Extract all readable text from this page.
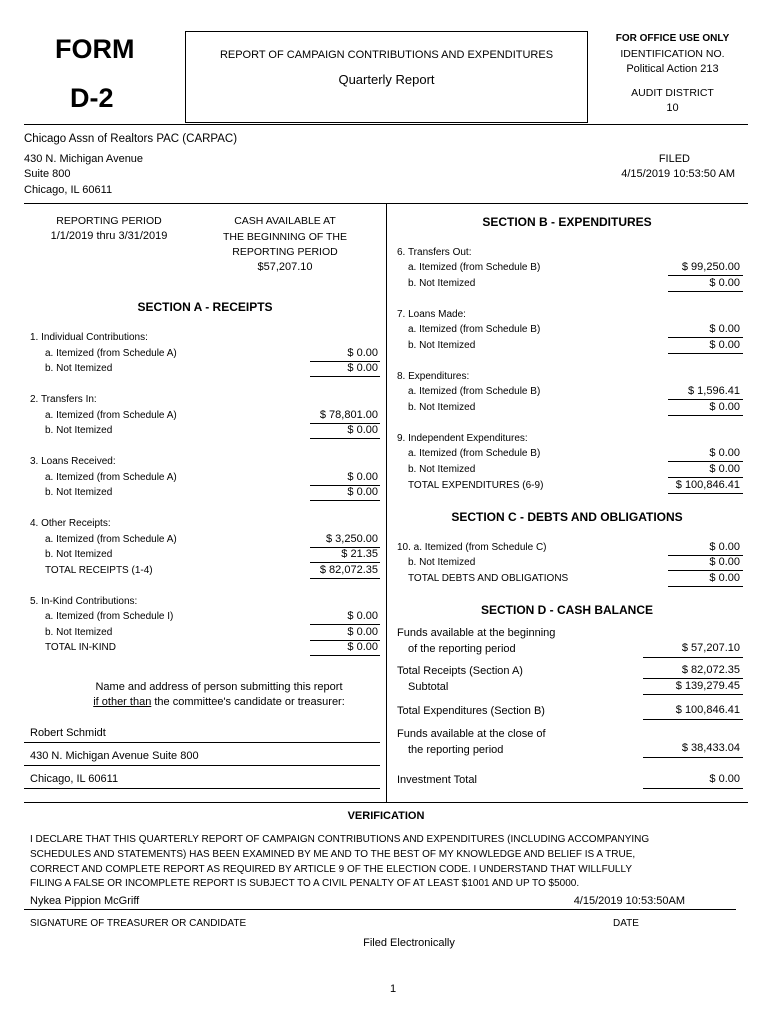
FORM
D-2
REPORT OF CAMPAIGN CONTRIBUTIONS AND EXPENDITURES
Quarterly Report
FOR OFFICE USE ONLY
IDENTIFICATION NO.
Political Action 213
AUDIT DISTRICT
10
Chicago Assn of Realtors PAC (CARPAC)
430 N. Michigan Avenue
Suite 800
Chicago, IL 60611
FILED
4/15/2019 10:53:50 AM
REPORTING PERIOD
1/1/2019 thru 3/31/2019
CASH AVAILABLE AT
THE BEGINNING OF THE
REPORTING PERIOD
$57,207.10
SECTION A - RECEIPTS
1. Individual Contributions:
a. Itemized (from Schedule A)	$ 0.00
b. Not Itemized	$ 0.00
2. Transfers In:
a. Itemized (from Schedule A)	$ 78,801.00
b. Not Itemized	$ 0.00
3. Loans Received:
a. Itemized (from Schedule A)	$ 0.00
b. Not Itemized	$ 0.00
4. Other Receipts:
a. Itemized (from Schedule A)	$ 3,250.00
b. Not Itemized	$ 21.35
TOTAL RECEIPTS (1-4)	$ 82,072.35
5. In-Kind Contributions:
a. Itemized (from Schedule I)	$ 0.00
b. Not Itemized	$ 0.00
TOTAL IN-KIND	$ 0.00
Name and address of person submitting this report
if other than the committee's candidate or treasurer:
Robert Schmidt
430 N. Michigan Avenue Suite 800
Chicago, IL 60611
SECTION B - EXPENDITURES
6. Transfers Out:
a. Itemized (from Schedule B)	$ 99,250.00
b. Not Itemized	$ 0.00
7. Loans Made:
a. Itemized (from Schedule B)	$ 0.00
b. Not Itemized	$ 0.00
8. Expenditures:
a. Itemized (from Schedule B)	$ 1,596.41
b. Not Itemized	$ 0.00
9. Independent Expenditures:
a. Itemized (from Schedule B)	$ 0.00
b. Not Itemized	$ 0.00
TOTAL EXPENDITURES (6-9)	$ 100,846.41
SECTION C - DEBTS AND OBLIGATIONS
10. a. Itemized (from Schedule C)	$ 0.00
b. Not Itemized	$ 0.00
TOTAL DEBTS AND OBLIGATIONS	$ 0.00
SECTION D - CASH BALANCE
Funds available at the beginning
of the reporting period	$ 57,207.10
Total Receipts (Section A)	$ 82,072.35
Subtotal	$ 139,279.45
Total Expenditures (Section B)	$ 100,846.41
Funds available at the close of
the reporting period	$ 38,433.04
Investment Total	$ 0.00
VERIFICATION
I DECLARE THAT THIS QUARTERLY REPORT OF CAMPAIGN CONTRIBUTIONS AND EXPENDITURES (INCLUDING ACCOMPANYING
SCHEDULES AND STATEMENTS) HAS BEEN EXAMINED BY ME AND TO THE BEST OF MY KNOWLEDGE AND BELIEF IS A TRUE,
CORRECT AND COMPLETE REPORT AS REQUIRED BY ARTICLE 9 OF THE ELECTION CODE. I UNDERSTAND THAT WILLFULLY
FILING A FALSE OR INCOMPLETE REPORT IS SUBJECT TO A CIVIL PENALTY OF AT LEAST $1001 AND UP TO $5000.
Nykea Pippion McGriff	4/15/2019 10:53:50AM
SIGNATURE OF TREASURER OR CANDIDATE	DATE
Filed Electronically
1
